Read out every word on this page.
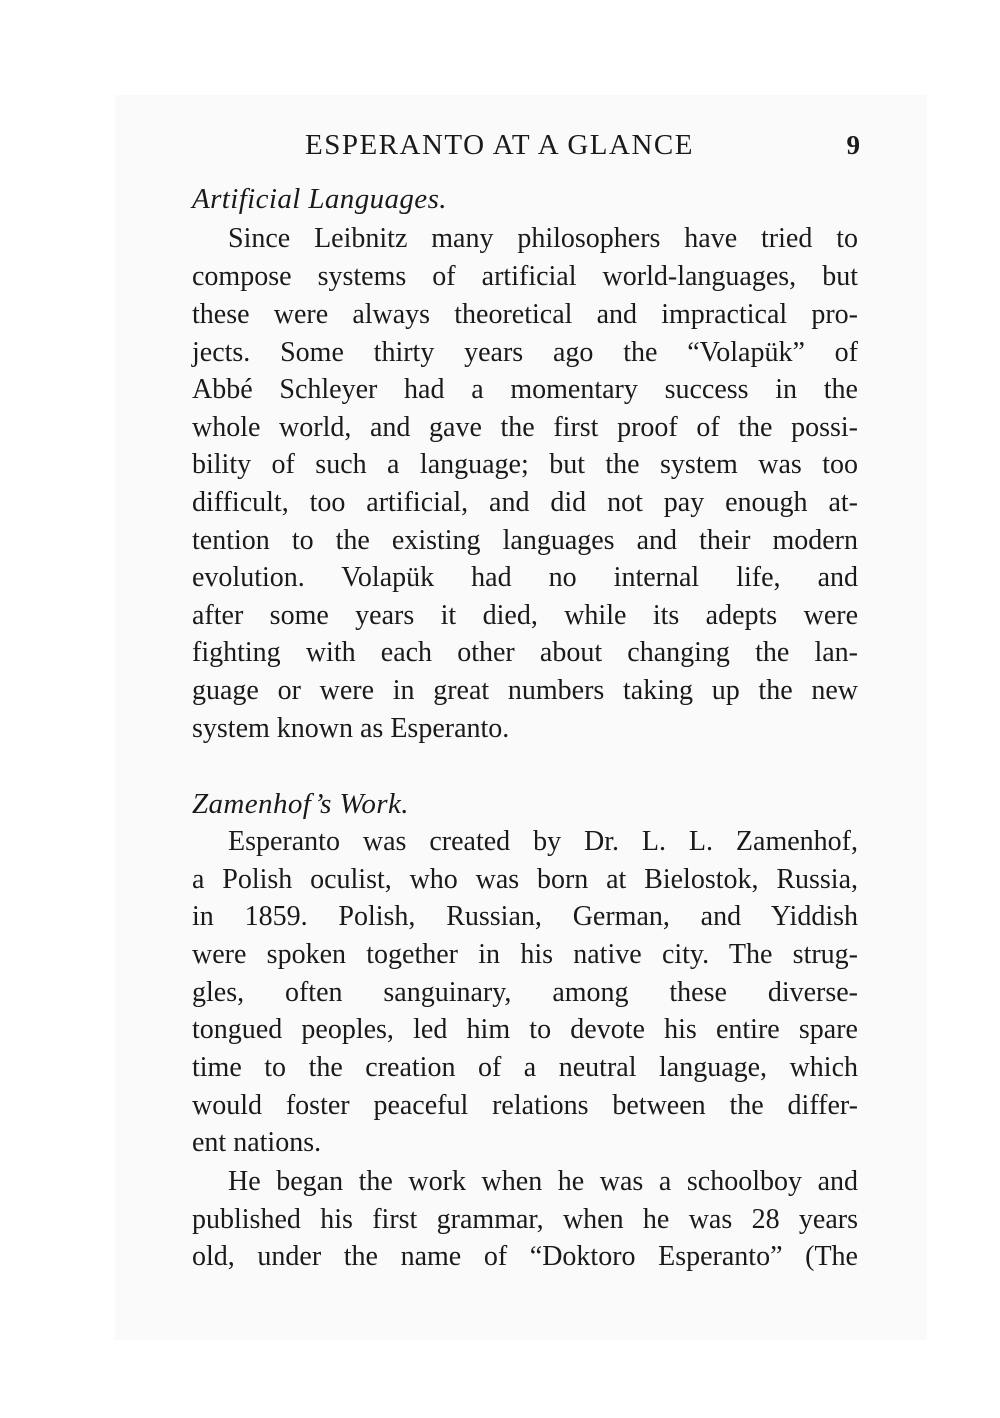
ESPERANTO AT A GLANCE	9
Artificial Languages.
Since Leibnitz many philosophers have tried to
compose systems of artificial world-languages, but
these were always theoretical and impractical pro-
jects. Some thirty years ago the “Volapük” of
Abbé Schleyer had a momentary success in the
whole world, and gave the first proof of the possi-
bility of such a language; but the system was too
difficult, too artificial, and did not pay enough at-
tention to the existing languages and their modern
evolution. Volapük had no internal life, and
after some years it died, while its adepts were
fighting with each other about changing the lan-
guage or were in great numbers taking up the new
system known as Esperanto.
Zamenhof’s Work.
Esperanto was created by Dr. L. L. Zamenhof,
a Polish oculist, who was born at Bielostok, Russia,
in 1859. Polish, Russian, German, and Yiddish
were spoken together in his native city. The strug-
gles, often sanguinary, among these diverse-
tongued peoples, led him to devote his entire spare
time to the creation of a neutral language, which
would foster peaceful relations between the differ-
ent nations.
He began the work when he was a schoolboy and
published his first grammar, when he was 28 years
old, under the name of “Doktoro Esperanto” (The
